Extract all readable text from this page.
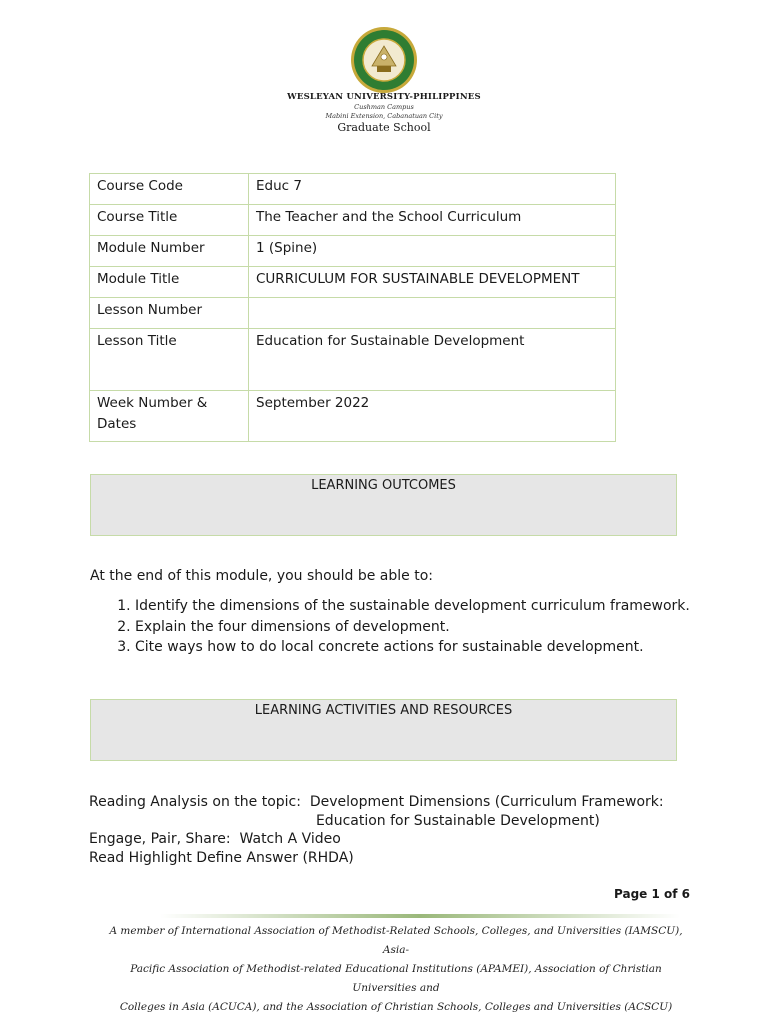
WESLEYAN UNIVERSITY-PHILIPPINES
Cushman Campus
Mabini Extension, Cabanatuan City
Graduate School
Course Code	Educ 7
Course Title	The Teacher and the School Curriculum
Module Number	1 (Spine)
Module Title	CURRICULUM FOR SUSTAINABLE DEVELOPMENT
Lesson Number	
Lesson Title	Education for Sustainable Development
Week Number & Dates	September 2022
LEARNING OUTCOMES
At the end of this module, you should be able to:
1. Identify the dimensions of the sustainable development curriculum framework.
2. Explain the four dimensions of development.
3. Cite ways how to do local concrete actions for sustainable development.
LEARNING ACTIVITIES AND RESOURCES
Reading Analysis on the topic:  Development Dimensions (Curriculum Framework:
Education for Sustainable Development)
Engage, Pair, Share:  Watch A Video
Read Highlight Define Answer (RHDA)
Page 1 of 6
A member of International Association of Methodist-Related Schools, Colleges, and Universities (IAMSCU), Asia-
Pacific Association of Methodist-related Educational Institutions (APAMEI), Association of Christian Universities and
Colleges in Asia (ACUCA), and the Association of Christian Schools, Colleges and Universities (ACSCU)
